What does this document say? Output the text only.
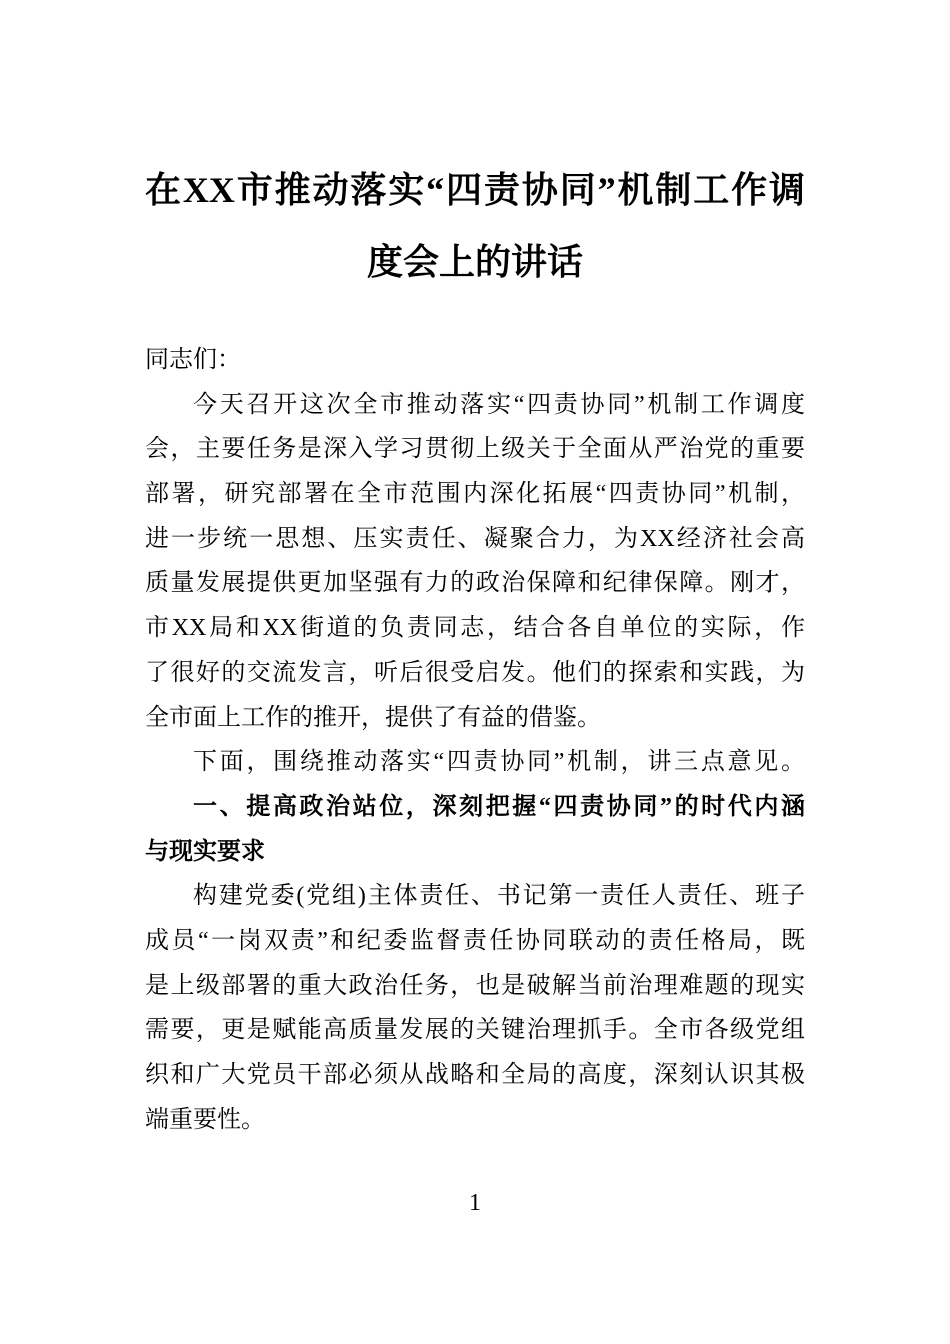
在XX市推动落实“四责协同”机制工作调
度会上的讲话
同志们：
今天召开这次全市推动落实“四责协同”机制工作调度
会，主要任务是深入学习贯彻上级关于全面从严治党的重要
部署，研究部署在全市范围内深化拓展“四责协同”机制，
进一步统一思想、压实责任、凝聚合力，为XX经济社会高
质量发展提供更加坚强有力的政治保障和纪律保障。刚才，
市XX局和XX街道的负责同志，结合各自单位的实际，作
了很好的交流发言，听后很受启发。他们的探索和实践，为
全市面上工作的推开，提供了有益的借鉴。
下面，围绕推动落实“四责协同”机制，讲三点意见。
一、提高政治站位，深刻把握“四责协同”的时代内涵
与现实要求
构建党委(党组)主体责任、书记第一责任人责任、班子
成员“一岗双责”和纪委监督责任协同联动的责任格局，既
是上级部署的重大政治任务，也是破解当前治理难题的现实
需要，更是赋能高质量发展的关键治理抓手。全市各级党组
织和广大党员干部必须从战略和全局的高度，深刻认识其极
端重要性。
1
